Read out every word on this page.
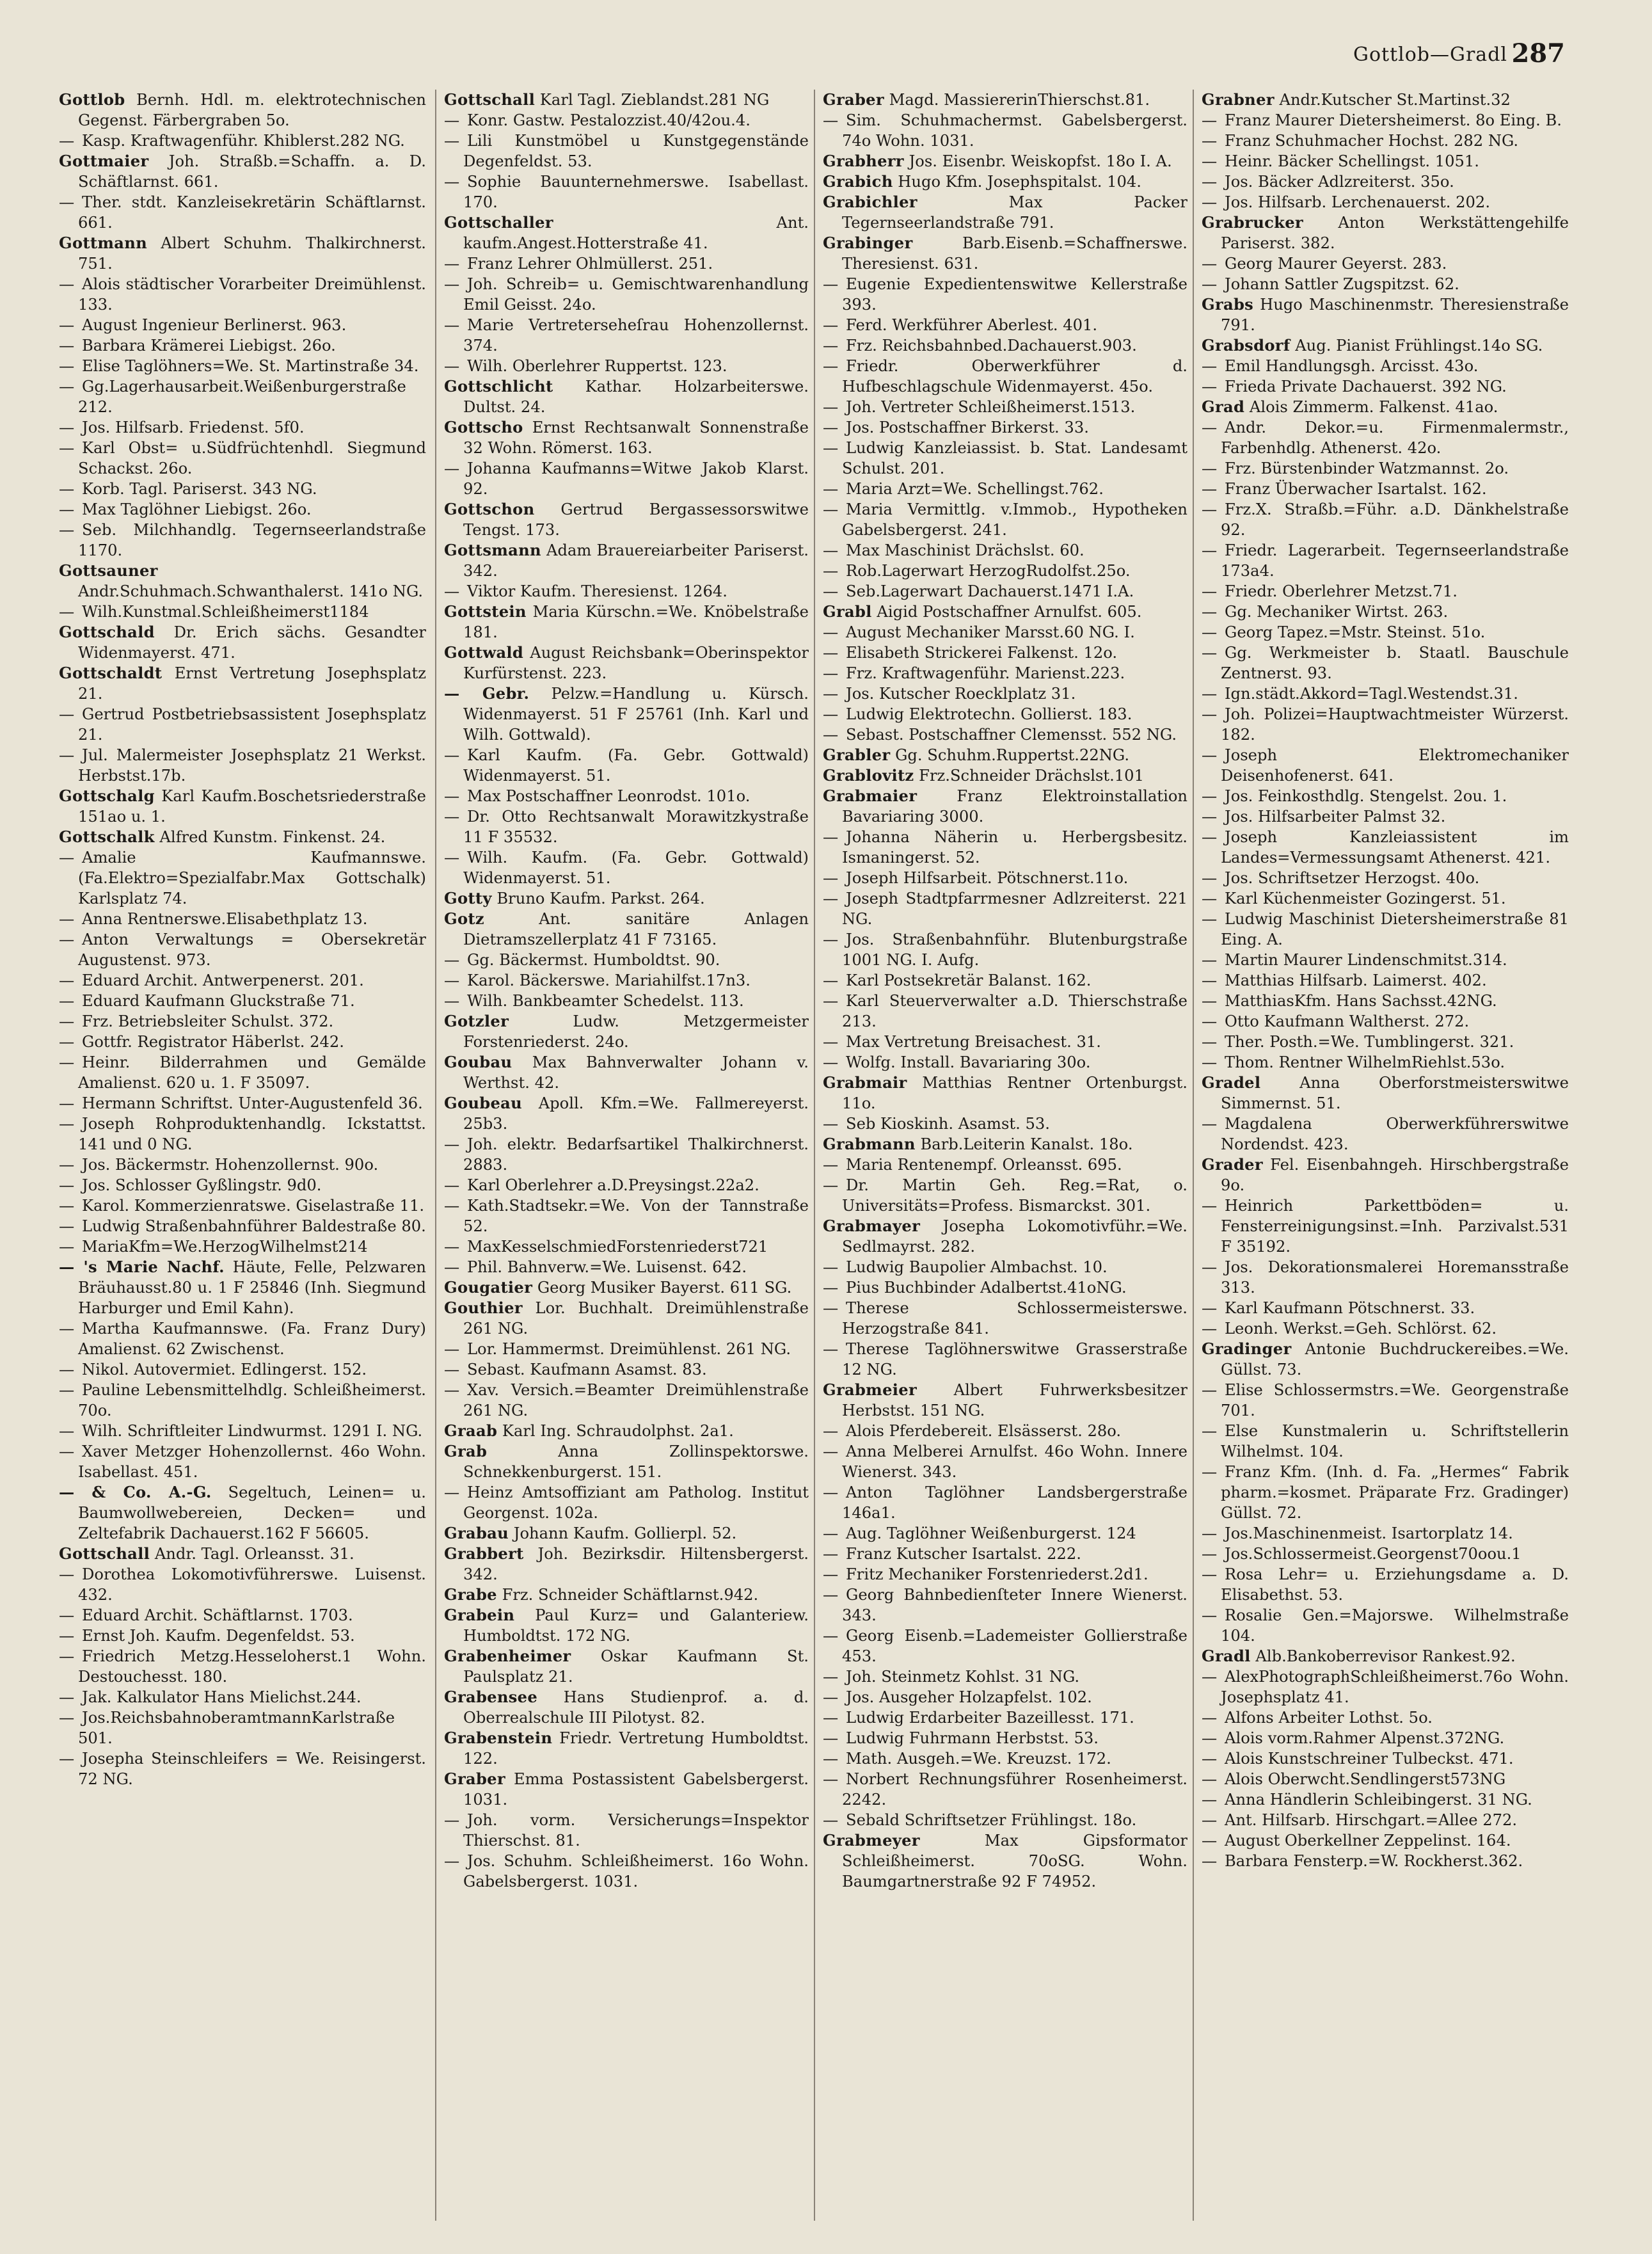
Gottlob—Gradl 287

Gottlob Bernh. Hdl. m. elektrotechnischen Gegenst. Färbergraben 5o.

— Kasp. Kraftwagenführ. Khiblerst.282 NG.

Gottmaier Joh. Straßb.=Schaffn. a. D. Schäftlarnst. 661.

— Ther. stdt. Kanzleisekretärin Schäftlarnst. 661.

Gottmann Albert Schuhm. Thalkirchnerst. 751.

— Alois städtischer Vorarbeiter Dreimühlenst. 133.

— August Ingenieur Berlinerst. 963.

— Barbara Krämerei Liebigst. 26o.

— Elise Taglöhners=We. St. Martinstraße 34.

— Gg.Lagerhausarbeit.Weißenburgerstraße 212.

— Jos. Hilfsarb. Friedenst. 5f0.

— Karl Obst= u.Südfrüchtenhdl. Siegmund Schackst. 26o.

— Korb. Tagl. Pariserst. 343 NG.

— Max Taglöhner Liebigst. 26o.

— Seb. Milchhandlg. Tegernseerlandstraße 1170.

Gottsauner Andr.Schuhmach.Schwanthalerst. 141o NG.

— Wilh.Kunstmal.Schleißheimerst1184

Gottschald Dr. Erich sächs. Gesandter Widenmayerst. 471.

Gottschaldt Ernst Vertretung Josephsplatz 21.

— Gertrud Postbetriebsassistent Josephsplatz 21.

— Jul. Malermeister Josephsplatz 21 Werkst. Herbstst.17b.

Gottschalg Karl Kaufm.Boschetsriederstraße 151ao u. 1.

Gottschalk Alfred Kunstm. Finkenst. 24.

— Amalie Kaufmannswe.(Fa.Elektro=Spezialfabr.Max Gottschalk) Karlsplatz 74.

— Anna Rentnerswe.Elisabethplatz 13.

— Anton Verwaltungs = Obersekretär Augustenst. 973.

— Eduard Archit. Antwerpenerst. 201.

— Eduard Kaufmann Gluckstraße 71.

— Frz. Betriebsleiter Schulst. 372.

— Gottfr. Registrator Häberlst. 242.

— Heinr. Bilderrahmen und Gemälde Amalienst. 620 u. 1. F 35097.

— Hermann Schriftst. Unter-Augustenfeld 36.

— Joseph Rohproduktenhandlg. Ickstattst. 141 und 0 NG.

— Jos. Bäckermstr. Hohenzollernst. 90o.

— Jos. Schlosser Gyßlingstr. 9d0.

— Karol. Kommerzienratswe. Giselastraße 11.

— Ludwig Straßenbahnführer Baldestraße 80.

— MariaKfm=We.HerzogWilhelmst214

— 's Marie Nachf. Häute, Felle, Pelzwaren Bräuhausst.80 u. 1 F 25846 (Inh. Siegmund Harburger und Emil Kahn).

— Martha Kaufmannswe. (Fa. Franz Dury) Amalienst. 62 Zwischenst.

— Nikol. Autovermiet. Edlingerst. 152.

— Pauline Lebensmittelhdlg. Schleißheimerst. 70o.

— Wilh. Schriftleiter Lindwurmst. 1291 I. NG.

— Xaver Metzger Hohenzollernst. 46o Wohn. Isabellast. 451.

— & Co. A.-G. Segeltuch, Leinen= u. Baumwollwebereien, Decken= und Zeltefabrik Dachauerst.162 F 56605.

Gottschall Andr. Tagl. Orleansst. 31.

— Dorothea Lokomotivführerswe. Luisenst. 432.

— Eduard Archit. Schäftlarnst. 1703.

— Ernst Joh. Kaufm. Degenfeldst. 53.

— Friedrich Metzg.Hesseloherst.1 Wohn. Destouchesst. 180.

— Jak. Kalkulator Hans Mielichst.244.

— Jos.ReichsbahnoberamtmannKarlstraße 501.

— Josepha Steinschleifers = We. Reisingerst. 72 NG.

Gottschall Karl Tagl. Zieblandst.281 NG

— Konr. Gastw. Pestalozzist.40/42ou.4.

— Lili Kunstmöbel u Kunstgegenstände Degenfeldst. 53.

— Sophie Bauunternehmerswe. Isabellast. 170.

Gottschaller	Ant. kaufm.Angest.Hotterstraße 41.

— Franz Lehrer Ohlmüllerst. 251.

— Joh. Schreib= u. Gemischtwarenhandlung Emil Geisst. 24o.

— Marie Vertreterseheſrau Hohenzollernst. 374.

— Wilh. Oberlehrer Ruppertst. 123.

Gottschlicht Kathar. Holzarbeiterswe. Dultst. 24.

Gottscho Ernst Rechtsanwalt Sonnenstraße 32 Wohn. Römerst. 163.

— Johanna Kaufmanns=Witwe Jakob Klarst. 92.

Gottschon Gertrud Bergassessorswitwe Tengst. 173.

Gottsmann Adam Brauereiarbeiter Pariserst. 342.

— Viktor Kaufm. Theresienst. 1264.

Gottstein Maria Kürschn.=We. Knöbelstraße 181.

Gottwald August Reichsbank=Oberinspektor Kurfürstenst. 223.

— Gebr. Pelzw.=Handlung u. Kürsch. Widenmayerst. 51 F 25761 (Inh. Karl und Wilh. Gottwald).

— Karl Kaufm. (Fa. Gebr. Gottwald) Widenmayerst. 51.

— Max Postschaffner Leonrodst. 101o.

— Dr. Otto Rechtsanwalt Morawitzkystraße 11 F 35532.

— Wilh. Kaufm. (Fa. Gebr. Gottwald) Widenmayerst. 51.

Gotty Bruno Kaufm. Parkst. 264.

Gotz	Ant. sanitäre Anlagen Dietramszellerplatz 41 F 73165.

— Gg. Bäckermst. Humboldtst. 90.

— Karol. Bäckerswe. Mariahilfst.17n3.

— Wilh. Bankbeamter Schedelst. 113.

Gotzler	Ludw. Metzgermeister Forstenriederst. 24o.

Goubau Max Bahnverwalter Johann v. Werthst. 42.

Goubeau Apoll. Kfm.=We. Fallmereyerst. 25b3.

— Joh. elektr. Bedarfsartikel Thalkirchnerst. 2883.

— Karl Oberlehrer a.D.Preysingst.22a2.

— Kath.Stadtsekr.=We. Von der Tannstraße 52.

— MaxKesselschmiedForstenriederst721

— Phil. Bahnverw.=We. Luisenst. 642.

Gougatier Georg Musiker Bayerst. 611 SG.

Gouthier Lor. Buchhalt. Dreimühlenstraße 261 NG.

— Lor. Hammermst. Dreimühlenst. 261 NG.

— Sebast. Kaufmann Asamst. 83.

— Xav. Versich.=Beamter Dreimühlenstraße 261 NG.

Graab Karl Ing. Schraudolphst. 2a1.

Grab	Anna Zollinspektorswe. Schnekkenburgerst. 151.

— Heinz Amtsoffiziant am Patholog. Institut Georgenst. 102a.

Grabau Johann Kaufm. Gollierpl. 52.

Grabbert Joh. Bezirksdir. Hiltensbergerst. 342.

Grabe Frz. Schneider Schäftlarnst.942.

Grabein Paul Kurz= und Galanteriew. Humboldtst. 172 NG.

Grabenheimer Oskar Kaufmann St. Paulsplatz 21.

Grabensee Hans Studienprof. a. d. Oberrealschule III Pilotyst. 82.

Grabenstein Friedr. Vertretung Humboldtst. 122.

Graber Emma Postassistent Gabelsbergerst. 1031.

— Joh. vorm. Versicherungs=Inspektor Thierschst. 81.

— Jos. Schuhm. Schleißheimerst. 16o Wohn. Gabelsbergerst. 1031.

Graber Magd. MassiererinThierschst.81.

— Sim. Schuhmachermst. Gabelsbergerst. 74o Wohn. 1031.

Grabherr Jos. Eisenbr. Weiskopfst. 18o I. A.

Grabich Hugo Kfm. Josephspitalst. 104.

Grabichler	Max Packer Tegernseerlandstraße 791.

Grabinger	Barb.Eisenb.=Schaffnerswe. Theresienst. 631.

— Eugenie Expedientenswitwe Kellerstraße 393.

— Ferd. Werkführer Aberlest. 401.

— Frz. Reichsbahnbed.Dachauerst.903.

— Friedr. Oberwerkführer d. Hufbeschlagschule Widenmayerst. 45o.

— Joh. Vertreter Schleißheimerst.1513.

— Jos. Postschaffner Birkerst. 33.

— Ludwig Kanzleiassist. b. Stat. Landesamt Schulst. 201.

— Maria Arzt=We. Schellingst.762.

— Maria Vermittlg. v.Immob., Hypotheken Gabelsbergerst. 241.

— Max Maschinist Drächslst. 60.

— Rob.Lagerwart HerzogRudolfst.25o.

— Seb.Lagerwart Dachauerst.1471 I.A.

Grabl Aigid Postschaffner Arnulfst. 605.

— August Mechaniker Marsst.60 NG. I.

— Elisabeth Strickerei Falkenst. 12o.

— Frz. Kraftwagenführ. Marienst.223.

— Jos. Kutscher Roecklplatz 31.

— Ludwig Elektrotechn. Gollierst. 183.

— Sebast. Postschaffner Clemensst. 552 NG.

Grabler Gg. Schuhm.Ruppertst.22NG.

Grablovitz Frz.Schneider Drächslst.101

Grabmaier	Franz Elektroinstallation Bavariaring 3000.

— Johanna Näherin u. Herbergsbesitz. Ismaningerst. 52.

— Joseph Hilfsarbeit. Pötschnerst.11o.

— Joseph Stadtpfarrmesner Adlzreiterst. 221 NG.

— Jos. Straßenbahnführ. Blutenburgstraße 1001 NG. I. Aufg.

— Karl Postsekretär Balanst. 162.

— Karl Steuerverwalter a.D. Thierschstraße 213.

— Max Vertretung Breisachest. 31.

— Wolfg. Install. Bavariaring 30o.

Grabmair Matthias Rentner Ortenburgst. 11o.

— Seb Kioskinh. Asamst. 53.

Grabmann Barb.Leiterin Kanalst. 18o.

— Maria Rentenempf. Orleansst. 695.

— Dr. Martin Geh. Reg.=Rat, o. Universitäts=Profess. Bismarckst. 301.

Grabmayer Josepha Lokomotivführ.=We. Sedlmayrst. 282.

— Ludwig Baupolier Almbachst. 10.

— Pius Buchbinder Adalbertst.41oNG.

— Therese Schlossermeisterswe. Herzogstraße 841.

— Therese Taglöhnerswitwe Grasserstraße 12 NG.

Grabmeier Albert Fuhrwerksbesitzer Herbstst. 151 NG.

— Alois Pferdebereit. Elsässerst. 28o.

— Anna Melberei Arnulfst. 46o Wohn. Innere Wienerst. 343.

— Anton Taglöhner Landsbergerstraße 146a1.

— Aug. Taglöhner Weißenburgerst. 124

— Franz Kutscher Isartalst. 222.

— Fritz Mechaniker Forstenriederst.2d1.

— Georg Bahnbedienſteter Innere Wienerst. 343.

— Georg Eisenb.=Lademeister Gollierstraße 453.

— Joh. Steinmetz Kohlst. 31 NG.

— Jos. Ausgeher Holzapfelst. 102.

— Ludwig Erdarbeiter Bazeillesst. 171.

— Ludwig Fuhrmann Herbstst. 53.

— Math. Ausgeh.=We. Kreuzst. 172.

— Norbert Rechnungsführer Rosenheimerst. 2242.

— Sebald Schriftsetzer Frühlingst. 18o.

Grabmeyer	Max Gipsformator Schleißheimerst. 70oSG. Wohn. Baumgartnerstraße 92 F 74952.

Grabner Andr.Kutscher St.Martinst.32

— Franz Maurer Dietersheimerst. 8o Eing. B.

— Franz Schuhmacher Hochst. 282 NG.

— Heinr. Bäcker Schellingst. 1051.

— Jos. Bäcker Adlzreiterst. 35o.

— Jos. Hilfsarb. Lerchenauerst. 202.

Grabrucker Anton Werkstättengehilfe Pariserst. 382.

— Georg Maurer Geyerst. 283.

— Johann Sattler Zugspitzst. 62.

Grabs Hugo Maschinenmstr. Theresienstraße 791.

Grabsdorf Aug. Pianist Frühlingst.14o SG.

— Emil Handlungsgh. Arcisst. 43o.

— Frieda Private Dachauerst. 392 NG.

Grad Alois Zimmerm. Falkenst. 41ao.

— Andr. Dekor.=u. Firmenmalermstr., Farbenhdlg. Athenerst. 42o.

— Frz. Bürstenbinder Watzmannst. 2o.

— Franz Überwacher Isartalst. 162.

— Frz.X. Straßb.=Führ. a.D. Dänkhelstraße 92.

— Friedr. Lagerarbeit. Tegernseerlandstraße 173a4.

— Friedr. Oberlehrer Metzst.71.

— Gg. Mechaniker Wirtst. 263.

— Georg Tapez.=Mstr. Steinst. 51o.

— Gg. Werkmeister b. Staatl. Bauschule Zentnerst. 93.

— Ign.städt.Akkord=Tagl.Westendst.31.

— Joh. Polizei=Hauptwachtmeister Würzerst. 182.

— Joseph Elektromechaniker Deisenhofenerst. 641.

— Jos. Feinkosthdlg. Stengelst. 2ou. 1.

— Jos. Hilfsarbeiter Palmst 32.

— Joseph Kanzleiassistent im Landes=Vermessungsamt Athenerst. 421.

— Jos. Schriftsetzer Herzogst. 40o.

— Karl Küchenmeister Gozingerst. 51.

— Ludwig Maschinist Dietersheimerstraße 81 Eing. A.

— Martin Maurer Lindenschmitst.314.

— Matthias Hilfsarb. Laimerst. 402.

— MatthiasKfm. Hans Sachsst.42NG.

— Otto Kaufmann Waltherst. 272.

— Ther. Posth.=We. Tumblingerst. 321.

— Thom. Rentner WilhelmRiehlst.53o.

Gradel	Anna Oberforstmeisterswitwe Simmernst. 51.

— Magdalena Oberwerkführerswitwe Nordendst. 423.

Grader Fel. Eisenbahngeh. Hirschbergstraße 9o.

— Heinrich Parkettböden= u. Fensterreinigungsinst.=Inh. Parzivalst.531 F 35192.

— Jos. Dekorationsmalerei Horemansstraße 313.

— Karl Kaufmann Pötschnerst. 33.

— Leonh. Werkst.=Geh. Schlörst. 62.

Gradinger Antonie Buchdruckereibes.=We. Güllst. 73.

— Elise Schlossermstrs.=We. Georgenstraße 701.

— Else Kunstmalerin u. Schriftstellerin Wilhelmst. 104.

— Franz Kfm. (Inh. d. Fa. „Hermes“ Fabrik pharm.=kosmet. Präparate Frz. Gradinger) Güllst. 72.

— Jos.Maschinenmeist. Isartorplatz 14.

— Jos.Schlossermeist.Georgenst70oou.1

— Rosa Lehr= u. Erziehungsdame a. D. Elisabethst. 53.

— Rosalie Gen.=Majorswe. Wilhelmstraße 104.

Gradl Alb.Bankoberrevisor Rankest.92.

— AlexPhotographSchleißheimerst.76o Wohn. Josephsplatz 41.

— Alfons Arbeiter Lothst. 5o.

— Alois vorm.Rahmer Alpenst.372NG.

— Alois Kunstschreiner Tulbeckst. 471.

— Alois Oberwcht.Sendlingerst573NG

— Anna Händlerin Schleibingerst. 31 NG.

— Ant. Hilfsarb. Hirschgart.=Allee 272.

— August Oberkellner Zeppelinst. 164.

— Barbara Fensterp.=W. Rockherst.362.
